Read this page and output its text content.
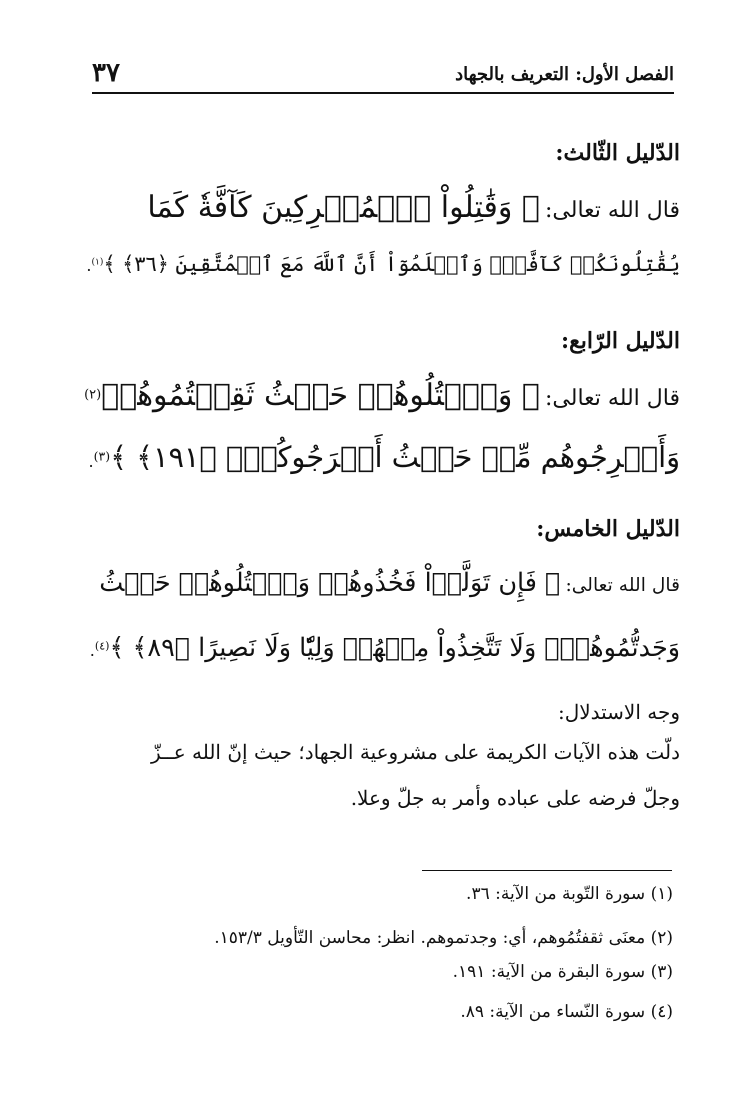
الفصل الأول: التعريف بالجهاد
٣٧
الدّليل الثّالث:
قال الله تعالى: ﴿ وَقَٰتِلُواْ ٱلۡمُشۡرِكِينَ كَآفَّةٗ كَمَا
يُقَٰتِلُونَكُمۡ كَآفَّةٗۚ وَٱعۡلَمُوٓاْ أَنَّ ٱللَّهَ مَعَ ٱلۡمُتَّقِينَ ﴿٣٦﴾ ﴾$^{(١)}$.
الدّليل الرّابع:
قال الله تعالى: ﴿ وَٱقۡتُلُوهُمۡ حَيۡثُ ثَقِفۡتُمُوهُمۡ$^{(٢)}$
وَأَخۡرِجُوهُم مِّنۡ حَيۡثُ أَخۡرَجُوكُمۡۚ ﴿١٩١﴾ ﴾$^{(٣)}$.
الدّليل الخامس:
قال الله تعالى: ﴿ فَإِن تَوَلَّوۡاْ فَخُذُوهُمۡ وَٱقۡتُلُوهُمۡ حَيۡثُ
وَجَدتُّمُوهُمۡۖ وَلَا تَتَّخِذُواْ مِنۡهُمۡ وَلِيّٗا وَلَا نَصِيرًا ﴿٨٩﴾ ﴾$^{(٤)}$.
وجه الاستدلال:
دلّت هذه الآيات الكريمة على مشروعية الجهاد؛ حيث إنّ الله عــزّ
وجلّ فرضه على عباده وأمر به جلّ وعلا.
(١) سورة التّوبة من الآية: ٣٦.
(٢) معنَى ثقفتُمُوهم، أي: وجدتموهم. انظر: محاسن التّأويل ١٥٣/٣.
(٣) سورة البقرة من الآية: ١٩١.
(٤) سورة النّساء من الآية: ٨٩.
